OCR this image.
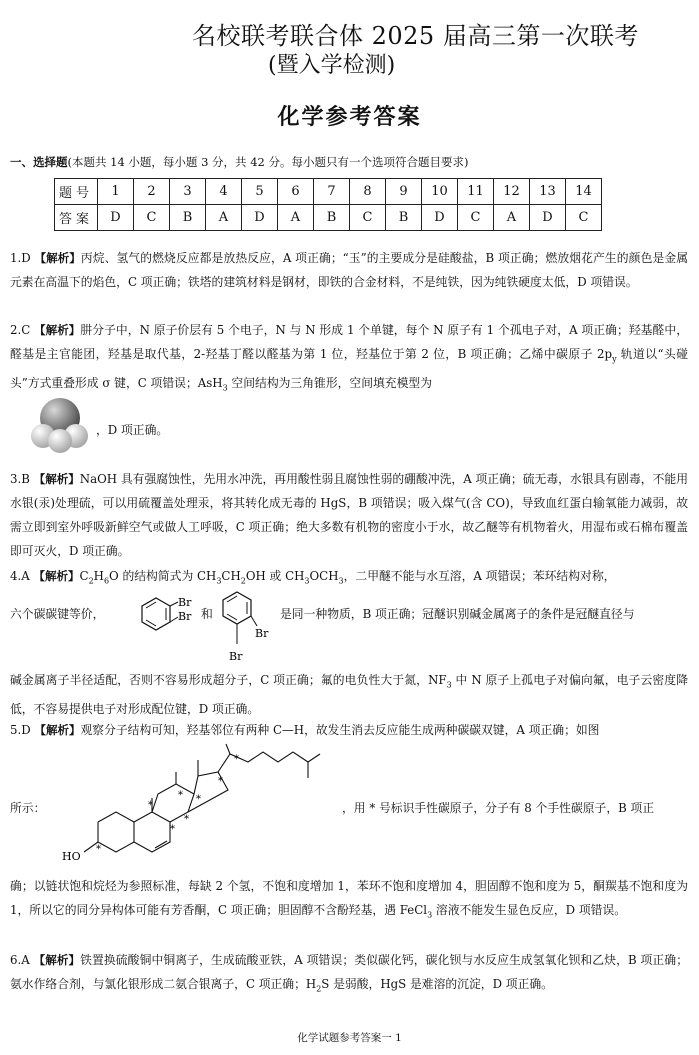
名校联考联合体 2025 届高三第一次联考
(暨入学检测)
化学参考答案
一、选择题(本题共 14 小题，每小题 3 分，共 42 分。每小题只有一个选项符合题目要求)
题号	1	2	3	4	5	6	7	8	9	10	11	12	13	14
答案	D	C	B	A	D	A	B	C	B	D	C	A	D	C
1.D 【解析】丙烷、氢气的燃烧反应都是放热反应，A 项正确；“玉”的主要成分是硅酸盐，B 项正确；燃放烟花产生的颜色是金属元素在高温下的焰色，C 项正确；铁塔的建筑材料是钢材，即铁的合金材料，不是纯铁，因为纯铁硬度太低，D 项错误。
2.C 【解析】肼分子中，N 原子价层有 5 个电子，N 与 N 形成 1 个单键，每个 N 原子有 1 个孤电子对，A 项正确；羟基醛中，醛基是主官能团，羟基是取代基，2-羟基丁醛以醛基为第 1 位，羟基位于第 2 位，B 项正确；乙烯中碳原子 $2p_y$ 轨道以“头碰头”方式重叠形成 σ 键，C 项错误；AsH$_3$ 空间结构为三角锥形，空间填充模型为
，D 项正确。
3.B 【解析】NaOH 具有强腐蚀性，先用水冲洗，再用酸性弱且腐蚀性弱的硼酸冲洗，A 项正确；硫无毒，水银具有剧毒，不能用水银(汞)处理硫，可以用硫覆盖处理汞，将其转化成无毒的 HgS，B 项错误；吸入煤气(含 CO)，导致血红蛋白输氧能力减弱，故需立即到室外呼吸新鲜空气或做人工呼吸，C 项正确；绝大多数有机物的密度小于水，故乙醚等有机物着火，用湿布或石棉布覆盖即可灭火，D 项正确。
4.A 【解析】$C_2H_6O$ 的结构简式为 $CH_3CH_2OH$ 或 $CH_3OCH_3$，二甲醚不能与水互溶，A 项错误；苯环结构对称，
六个碳碳键等价，
Br
Br 和
Br
Br
是同一种物质，B 项正确；冠醚识别碱金属离子的条件是冠醚直径与
碱金属离子半径适配，否则不容易形成超分子，C 项正确；氟的电负性大于氮，$NF_3$ 中 N 原子上孤电子对偏向氟，电子云密度降低，不容易提供电子对形成配位键，D 项正确。
5.D 【解析】观察分子结构可知，羟基邻位有两种 C—H，故发生消去反应能生成两种碳碳双键，A 项正确；如图
所示：
HO
*
*
*
* *
*
*
*
，用 * 号标识手性碳原子，分子有 8 个手性碳原子，B 项正
确；以链状饱和烷烃为参照标准，每缺 2 个氢，不饱和度增加 1，苯环不饱和度增加 4，胆固醇不饱和度为 5，酮羰基不饱和度为 1，所以它的同分异构体可能有芳香酮，C 项正确；胆固醇不含酚羟基，遇 FeCl$_3$ 溶液不能发生显色反应，D 项错误。
6.A 【解析】铁置换硫酸铜中铜离子，生成硫酸亚铁，A 项错误；类似碳化钙，碳化钡与水反应生成氢氧化钡和乙炔，B 项正确；氨水作络合剂，与氯化银形成二氨合银离子，C 项正确；$H_2S$ 是弱酸，HgS 是难溶的沉淀，D 项正确。
化学试题参考答案一 1
